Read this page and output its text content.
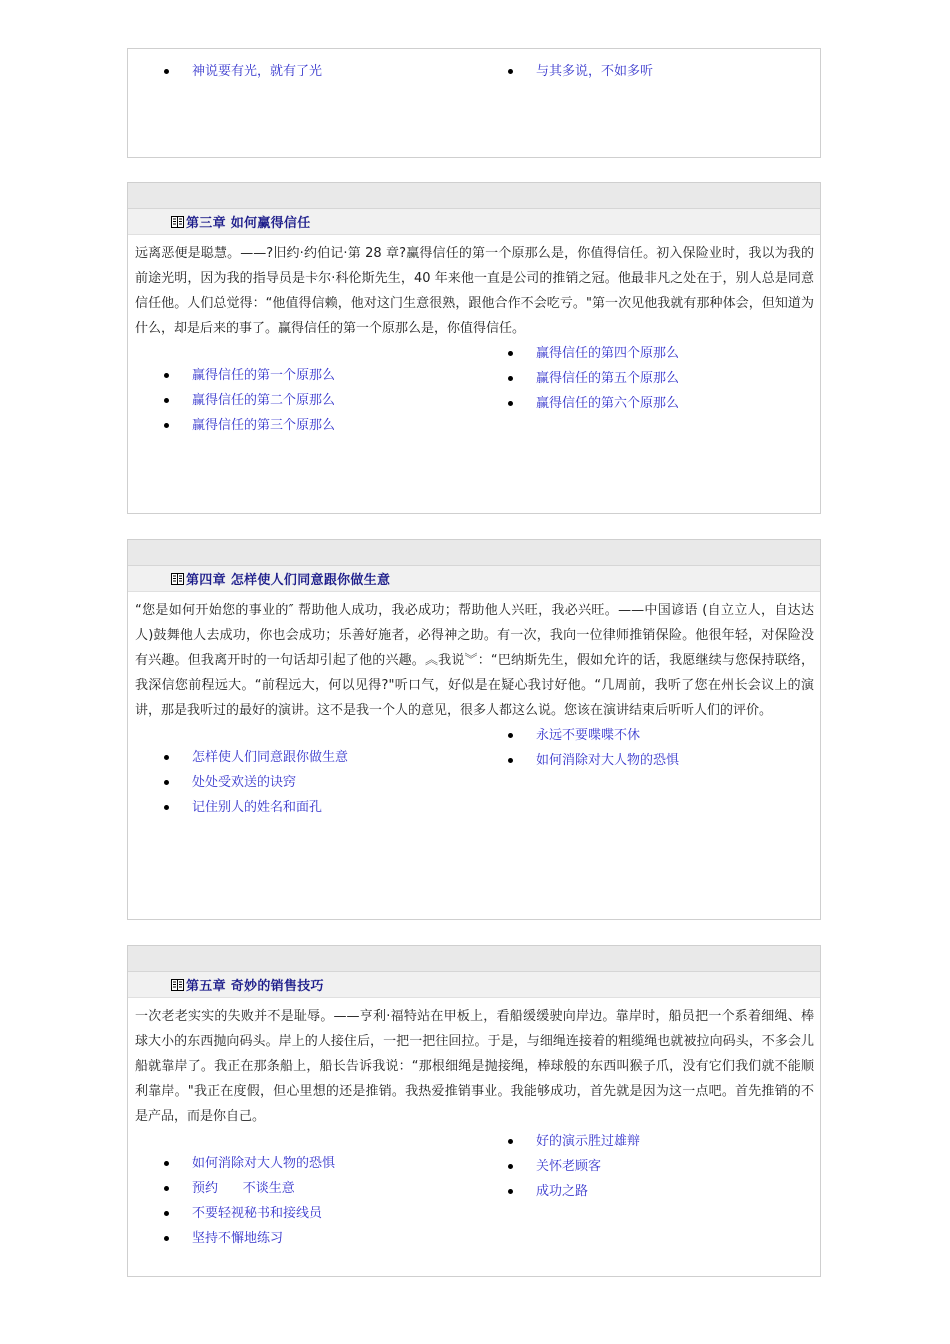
神说要有光，就有了光	与其多说，不如多听
第三章 如何赢得信任

远离恶便是聪慧。——?旧约·约伯记·第 28 章?赢得信任的第一个原那么是，你值得信任。初入保险业时，我以为我的前途光明，因为我的指导员是卡尔·科伦斯先生，40 年来他一直是公司的推销之冠。他最非凡之处在于，别人总是同意信任他。人们总觉得：“他值得信赖，他对这门生意很熟，跟他合作不会吃亏。"第一次见他我就有那种体会，但知道为什么，却是后来的事了。赢得信任的第一个原那么是，你值得信任。

赢得信任的第一个原那么
赢得信任的第二个原那么
赢得信任的第三个原那么
赢得信任的第四个原那么
赢得信任的第五个原那么
赢得信任的第六个原那么
第四章 怎样使人们同意跟你做生意

“您是如何开始您的事业的″ 帮助他人成功，我必成功；帮助他人兴旺，我必兴旺。——中国谚语 (自立立人，自达达人)鼓舞他人去成功，你也会成功；乐善好施者，必得神之助。有一次，我向一位律师推销保险。他很年轻，对保险没有兴趣。但我离开时的一句话却引起了他的兴趣。︽我说︾：“巴纳斯先生，假如允许的话，我愿继续与您保持联络，我深信您前程远大。“前程远大，何以见得?"听口气，好似是在疑心我讨好他。“几周前，我听了您在州长会议上的演讲，那是我听过的最好的演讲。这不是我一个人的意见，很多人都这么说。您该在演讲结束后听听人们的评价。

怎样使人们同意跟你做生意
处处受欢送的诀窍
记住别人的姓名和面孔
永远不要喋喋不休
如何消除对大人物的恐惧
第五章 奇妙的销售技巧

一次老老实实的失败并不是耻辱。——亨利·福特站在甲板上，看船缓缓驶向岸边。靠岸时，船员把一个系着细绳、棒球大小的东西抛向码头。岸上的人接住后，一把一把往回拉。于是，与细绳连接着的粗缆绳也就被拉向码头，不多会儿船就靠岸了。我正在那条船上，船长告诉我说：“那根细绳是抛接绳，棒球般的东西叫猴子爪，没有它们我们就不能顺利靠岸。"我正在度假，但心里想的还是推销。我热爱推销事业。我能够成功，首先就是因为这一点吧。首先推销的不是产品，而是你自己。

如何消除对大人物的恐惧
预约      不谈生意
不要轻视秘书和接线员
坚持不懈地练习
好的演示胜过雄辩
关怀老顾客
成功之路
